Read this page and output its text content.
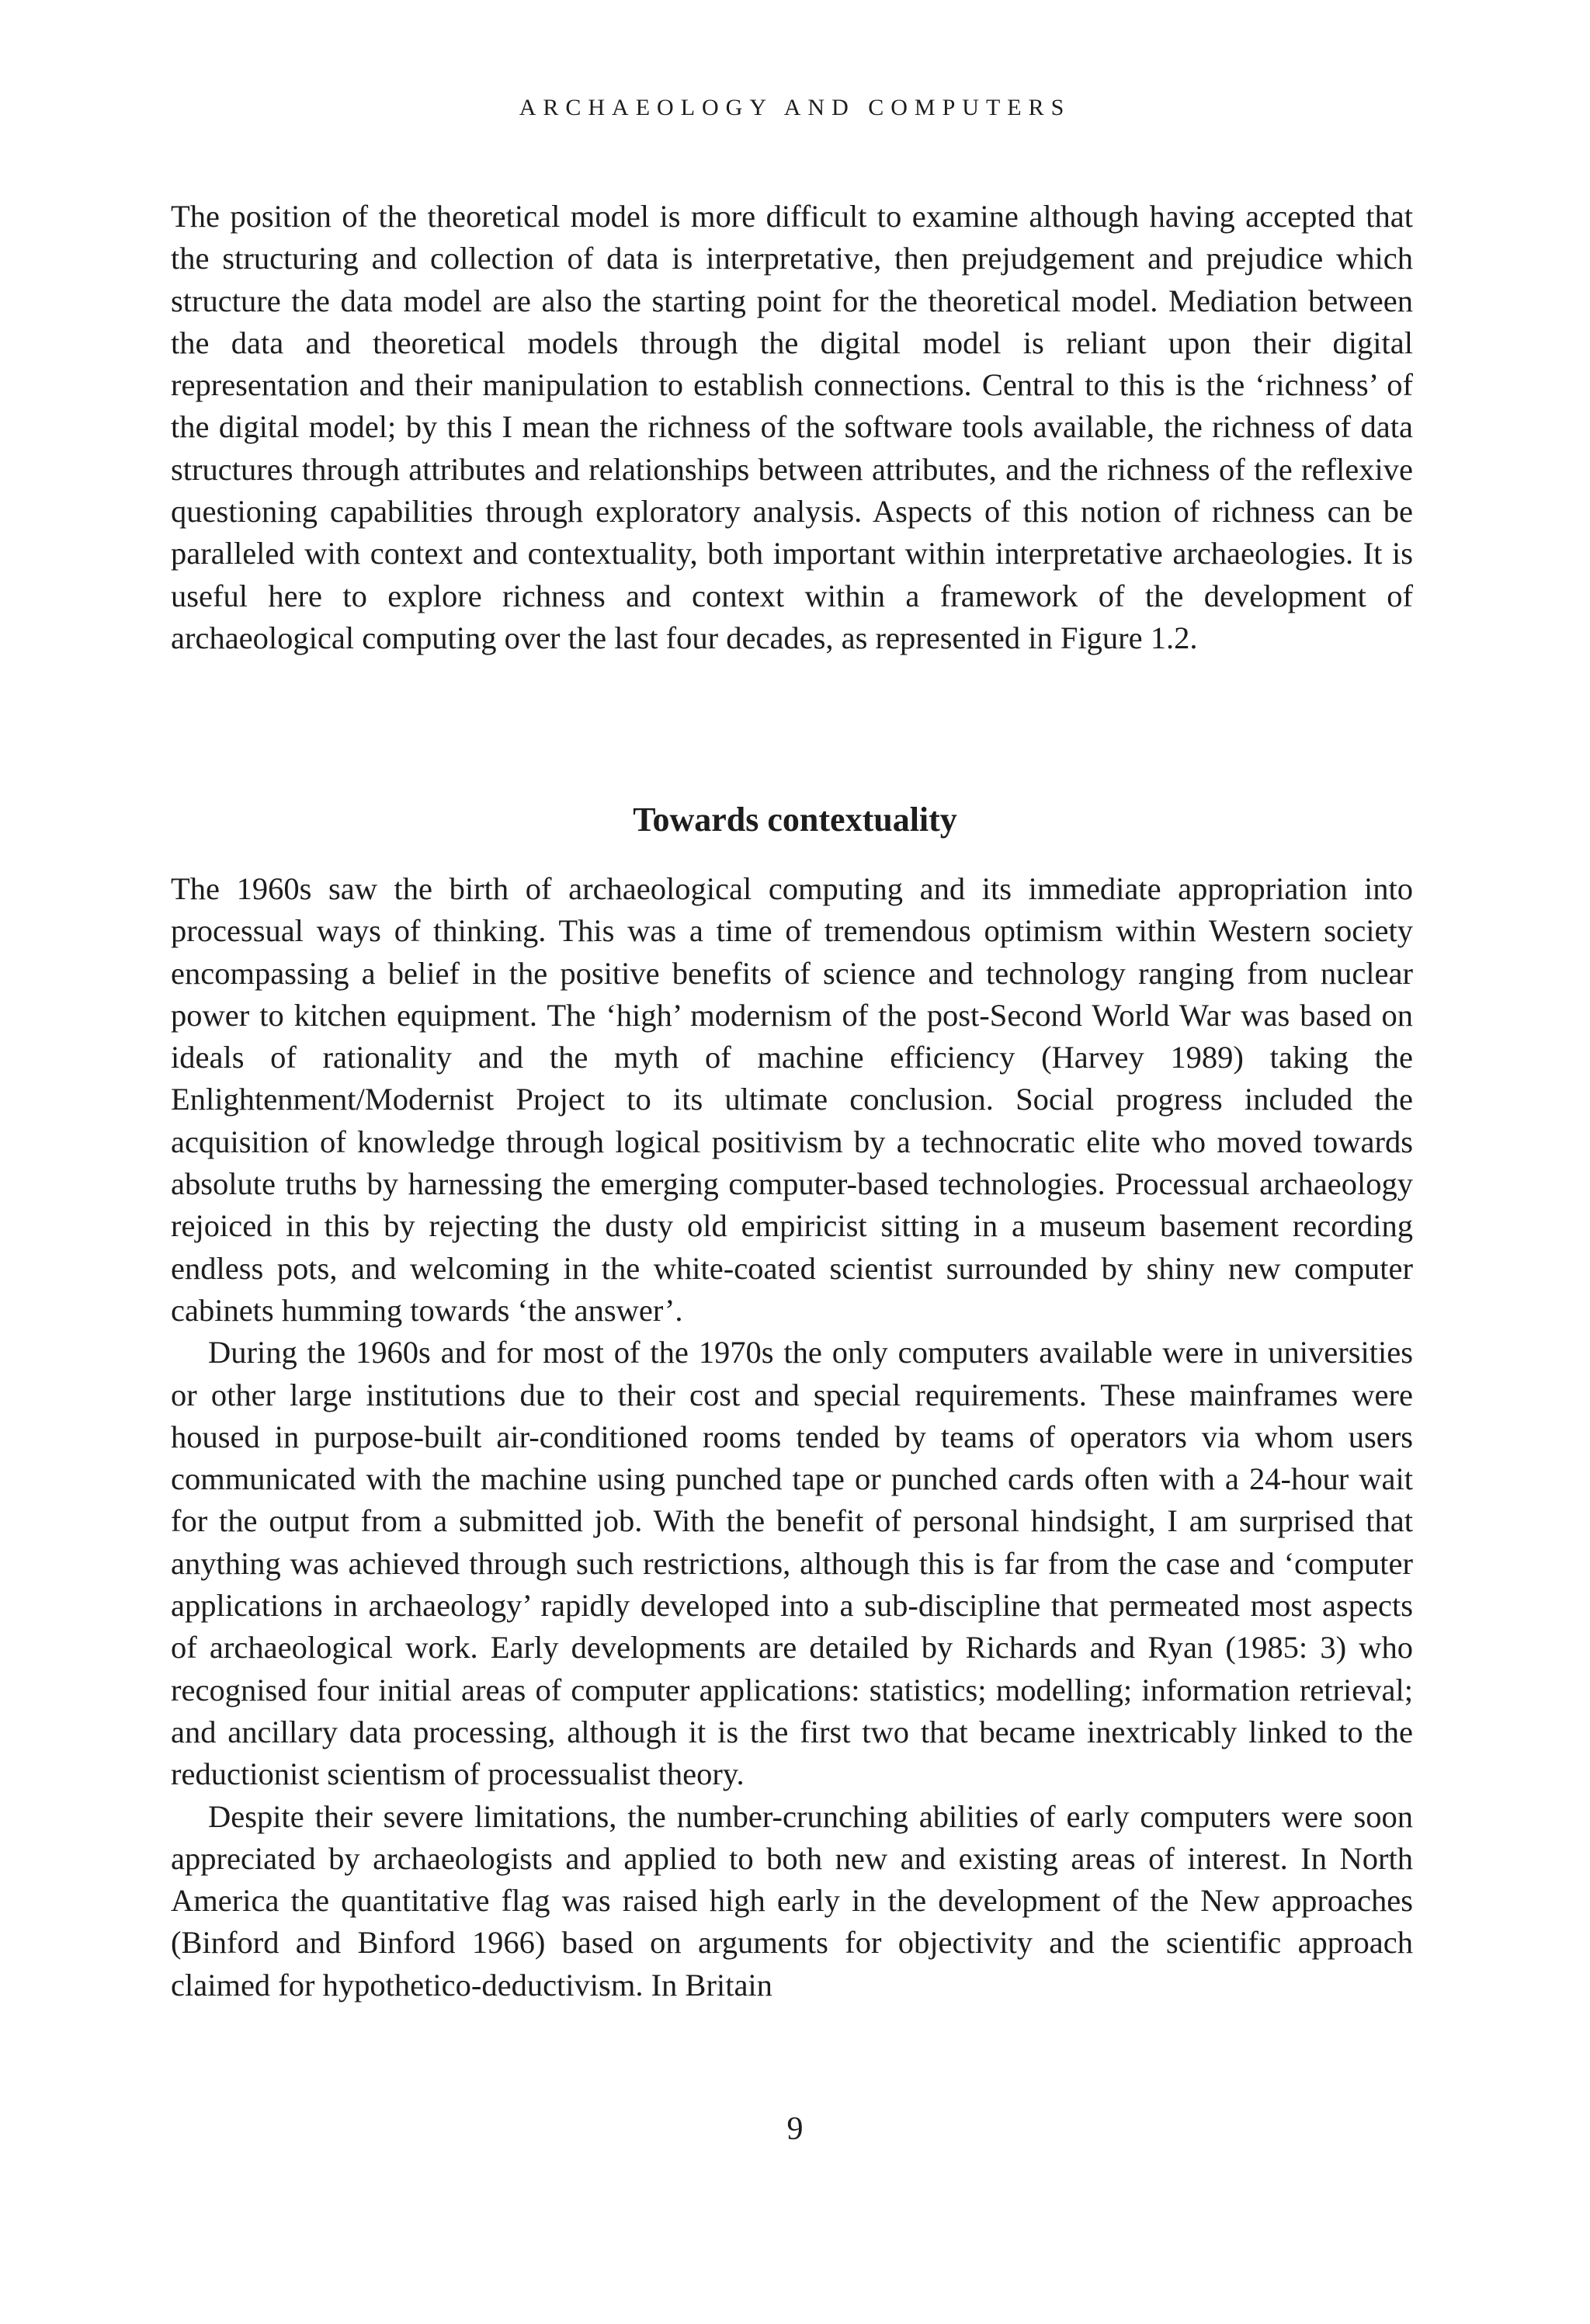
ARCHAEOLOGY AND COMPUTERS

The position of the theoretical model is more difficult to examine although having accepted that the structuring and collection of data is interpretative, then prejudgement and prejudice which structure the data model are also the starting point for the theoretical model. Mediation between the data and theoretical models through the digital model is reliant upon their digital representation and their manipulation to establish connections. Central to this is the ‘richness’ of the digital model; by this I mean the richness of the software tools available, the richness of data structures through attributes and relationships between attributes, and the richness of the reflexive questioning capabilities through exploratory analysis. Aspects of this notion of richness can be paralleled with context and contextuality, both important within interpretative archaeologies. It is useful here to explore richness and context within a framework of the development of archaeological computing over the last four decades, as represented in Figure 1.2.

Towards contextuality

The 1960s saw the birth of archaeological computing and its immediate appropriation into processual ways of thinking. This was a time of tremendous optimism within Western society encompassing a belief in the positive benefits of science and technology ranging from nuclear power to kitchen equipment. The ‘high’ modernism of the post-Second World War was based on ideals of rationality and the myth of machine efficiency (Harvey 1989) taking the Enlightenment/Modernist Project to its ultimate conclusion. Social progress included the acquisition of knowledge through logical positivism by a technocratic elite who moved towards absolute truths by harnessing the emerging computer-based technologies. Processual archaeology rejoiced in this by rejecting the dusty old empiricist sitting in a museum basement recording endless pots, and welcoming in the white-coated scientist surrounded by shiny new computer cabinets humming towards ‘the answer’.

During the 1960s and for most of the 1970s the only computers available were in universities or other large institutions due to their cost and special requirements. These mainframes were housed in purpose-built air-conditioned rooms tended by teams of operators via whom users communicated with the machine using punched tape or punched cards often with a 24-hour wait for the output from a submitted job. With the benefit of personal hindsight, I am surprised that anything was achieved through such restrictions, although this is far from the case and ‘computer applications in archaeology’ rapidly developed into a sub-discipline that permeated most aspects of archaeological work. Early developments are detailed by Richards and Ryan (1985: 3) who recognised four initial areas of computer applications: statistics; modelling; information retrieval; and ancillary data processing, although it is the first two that became inextricably linked to the reductionist scientism of processualist theory.

Despite their severe limitations, the number-crunching abilities of early computers were soon appreciated by archaeologists and applied to both new and existing areas of interest. In North America the quantitative flag was raised high early in the development of the New approaches (Binford and Binford 1966) based on arguments for objectivity and the scientific approach claimed for hypothetico-deductivism. In Britain

9
